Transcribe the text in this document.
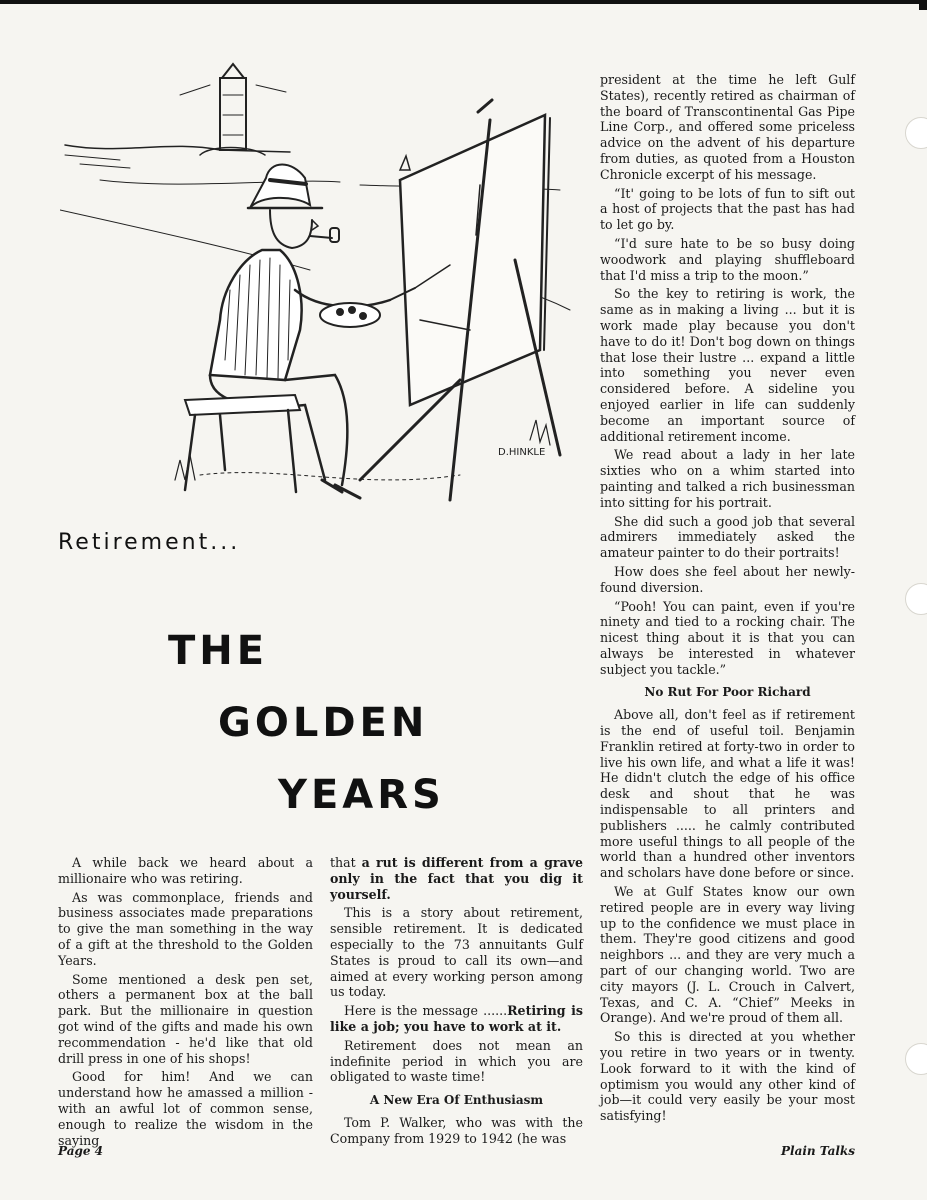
D.HINKLE
Retirement...
THE
GOLDEN
YEARS

A while back we heard about a millionaire who was retiring.

As was commonplace, friends and business associates made preparations to give the man something in the way of a gift at the threshold to the Golden Years.

Some mentioned a desk pen set, others a permanent box at the ball park. But the millionaire in question got wind of the gifts and made his own recommendation - he'd like that old drill press in one of his shops!

Good for him! And we can understand how he amassed a million - with an awful lot of common sense, enough to realize the wisdom in the saying

that a rut is different from a grave only in the fact that you dig it yourself.

This is a story about retirement, sensible retirement. It is dedicated especially to the 73 annuitants Gulf States is proud to call its own—and aimed at every working person among us today.

Here is the message ......Retiring is like a job; you have to work at it.

Retirement does not mean an indefinite period in which you are obligated to waste time!

A New Era Of Enthusiasm

Tom P. Walker, who was with the Company from 1929 to 1942 (he was

president at the time he left Gulf States), recently retired as chairman of the board of Transcontinental Gas Pipe Line Corp., and offered some priceless advice on the advent of his departure from duties, as quoted from a Houston Chronicle excerpt of his message.

“It' going to be lots of fun to sift out a host of projects that the past has had to let go by.

“I'd sure hate to be so busy doing woodwork and playing shuffleboard that I'd miss a trip to the moon.”

So the key to retiring is work, the same as in making a living ... but it is work made play because you don't have to do it! Don't bog down on things that lose their lustre ... expand a little into something you never even considered before. A sideline you enjoyed earlier in life can suddenly become an important source of additional retirement income.

We read about a lady in her late sixties who on a whim started into painting and talked a rich businessman into sitting for his portrait.

She did such a good job that several admirers immediately asked the amateur painter to do their portraits!

How does she feel about her newly-found diversion.

“Pooh! You can paint, even if you're ninety and tied to a rocking chair. The nicest thing about it is that you can always be interested in whatever subject you tackle.”

No Rut For Poor Richard

Above all, don't feel as if retirement is the end of useful toil. Benjamin Franklin retired at forty-two in order to live his own life, and what a life it was! He didn't clutch the edge of his office desk and shout that he was indispensable to all printers and publishers ..... he calmly contributed more useful things to all people of the world than a hundred other inventors and scholars have done before or since.

We at Gulf States know our own retired people are in every way living up to the confidence we must place in them. They're good citizens and good neighbors ... and they are very much a part of our changing world. Two are city mayors (J. L. Crouch in Calvert, Texas, and C. A. “Chief” Meeks in Orange). And we're proud of them all.

So this is directed at you whether you retire in two years or in twenty. Look forward to it with the kind of optimism you would any other kind of job—it could very easily be your most satisfying!

Page 4	Plain Talks
